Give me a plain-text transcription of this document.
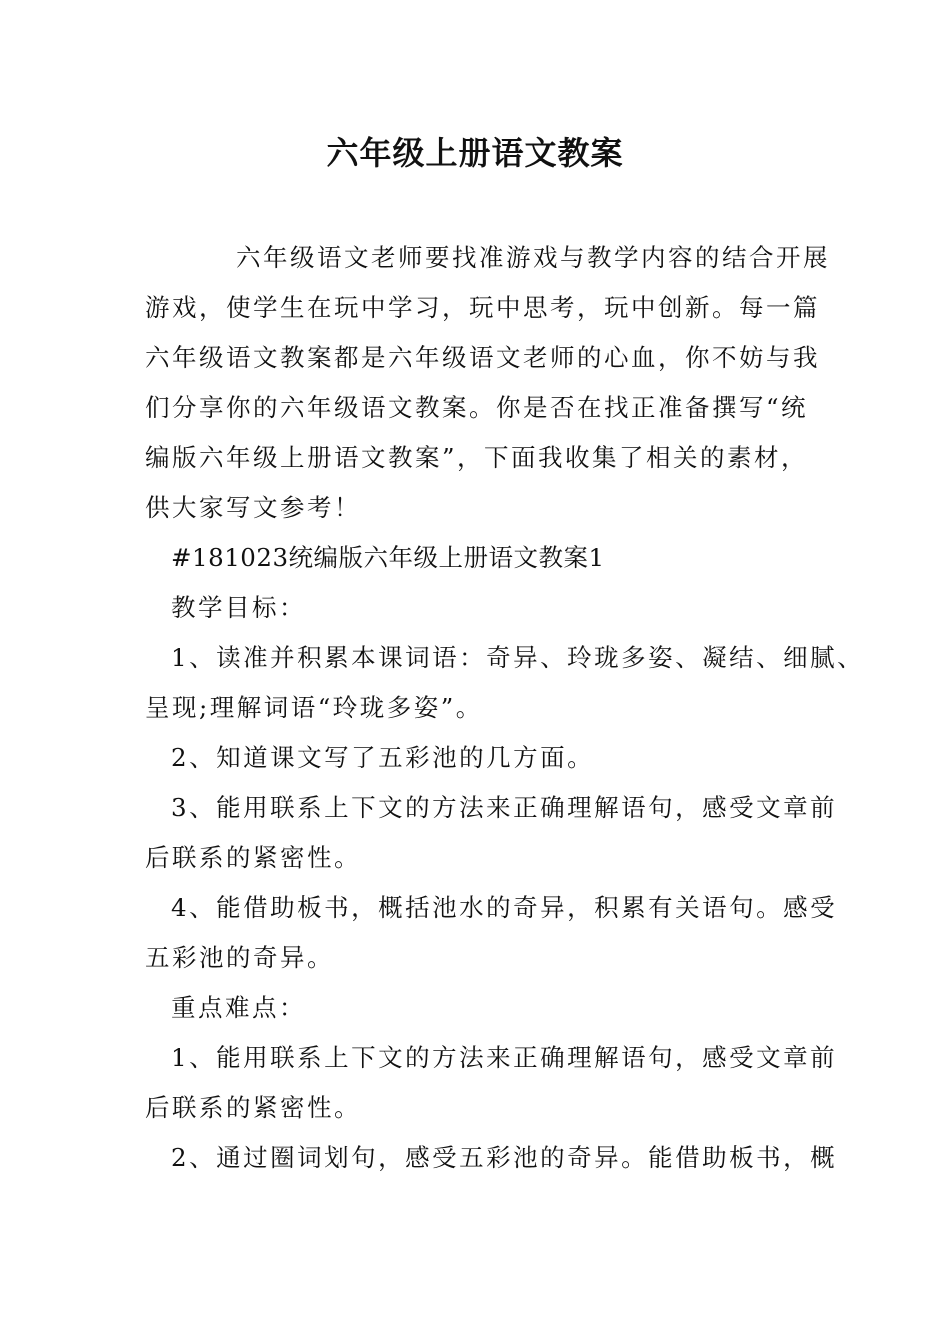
六年级上册语文教案
六年级语文老师要找准游戏与教学内容的结合开展
游戏，使学生在玩中学习，玩中思考，玩中创新。每一篇
六年级语文教案都是六年级语文老师的心血，你不妨与我
们分享你的六年级语文教案。你是否在找正准备撰写“统
编版六年级上册语文教案”，下面我收集了相关的素材，
供大家写文参考！
#181023统编版六年级上册语文教案1
教学目标：
1、读准并积累本课词语：奇异、玲珑多姿、凝结、细腻、
呈现;理解词语“玲珑多姿”。
2、知道课文写了五彩池的几方面。
3、能用联系上下文的方法来正确理解语句，感受文章前
后联系的紧密性。
4、能借助板书，概括池水的奇异，积累有关语句。感受
五彩池的奇异。
重点难点：
1、能用联系上下文的方法来正确理解语句，感受文章前
后联系的紧密性。
2、通过圈词划句，感受五彩池的奇异。能借助板书，概
